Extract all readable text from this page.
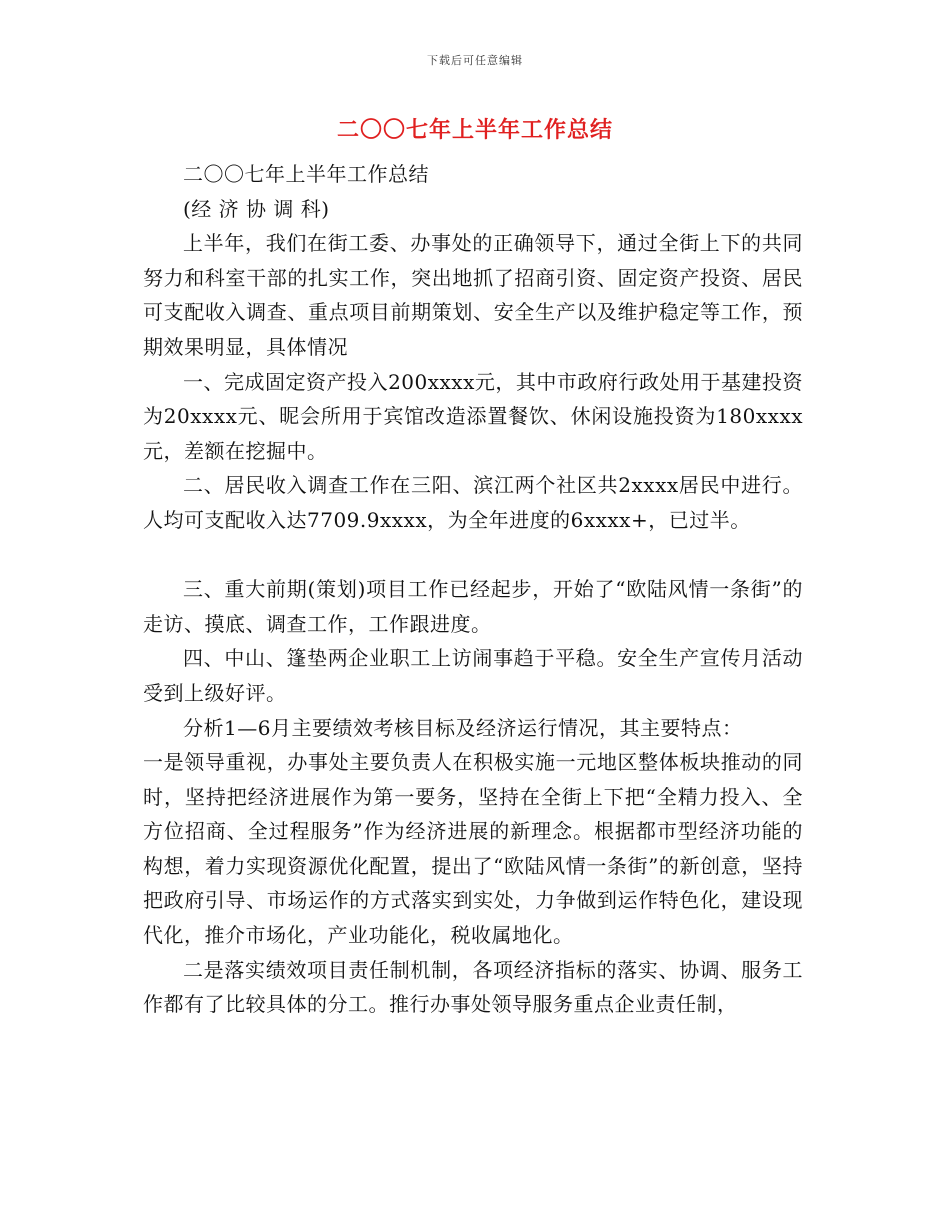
下载后可任意编辑
二〇〇七年上半年工作总结

二〇〇七年上半年工作总结

(经 济 协 调 科)

上半年，我们在街工委、办事处的正确领导下，通过全街上下的共同努力和科室干部的扎实工作，突出地抓了招商引资、固定资产投资、居民可支配收入调查、重点项目前期策划、安全生产以及维护稳定等工作，预期效果明显，具体情况

一、完成固定资产投入200xxxx元，其中市政府行政处用于基建投资为20xxxx元、昵会所用于宾馆改造添置餐饮、休闲设施投资为180xxxx元，差额在挖掘中。

二、居民收入调查工作在三阳、滨江两个社区共2xxxx居民中进行。人均可支配收入达7709.9xxxx，为全年进度的6xxxx+，已过半。

三、重大前期(策划)项目工作已经起步，开始了“欧陆风情一条街”的走访、摸底、调查工作，工作跟进度。

四、中山、篷垫两企业职工上访闹事趋于平稳。安全生产宣传月活动受到上级好评。

分析1—6月主要绩效考核目标及经济运行情况，其主要特点：

一是领导重视，办事处主要负责人在积极实施一元地区整体板块推动的同时，坚持把经济进展作为第一要务，坚持在全街上下把“全精力投入、全方位招商、全过程服务”作为经济进展的新理念。根据都市型经济功能的构想，着力实现资源优化配置，提出了“欧陆风情一条街”的新创意，坚持把政府引导、市场运作的方式落实到实处，力争做到运作特色化，建设现代化，推介市场化，产业功能化，税收属地化。

二是落实绩效项目责任制机制，各项经济指标的落实、协调、服务工作都有了比较具体的分工。推行办事处领导服务重点企业责任制，
